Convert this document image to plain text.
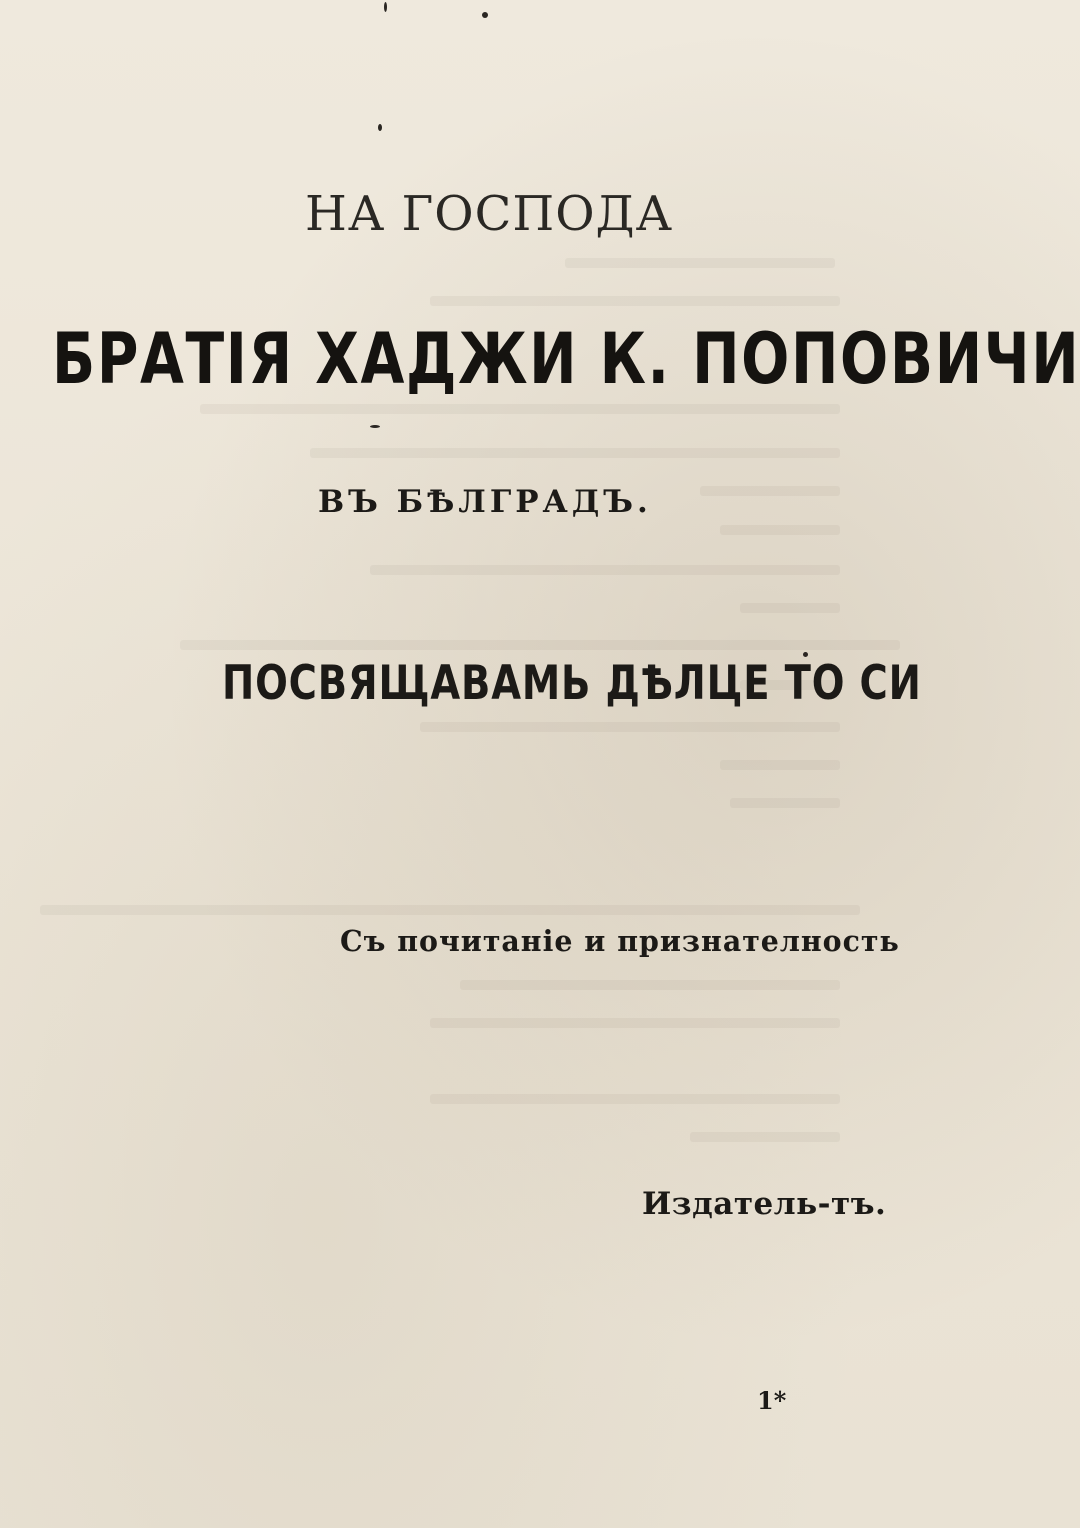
НА ГОСПОДА
БРАТІЯ ХАДЖИ К. ПОПОВИЧИ

ВЪ БѢЛГРАДЪ.

ПОСВЯЩАВАМЬ ДѢЛЦЕ ТО СИ

Съ почитаніе и признателность

Издатель-тъ.

1*
